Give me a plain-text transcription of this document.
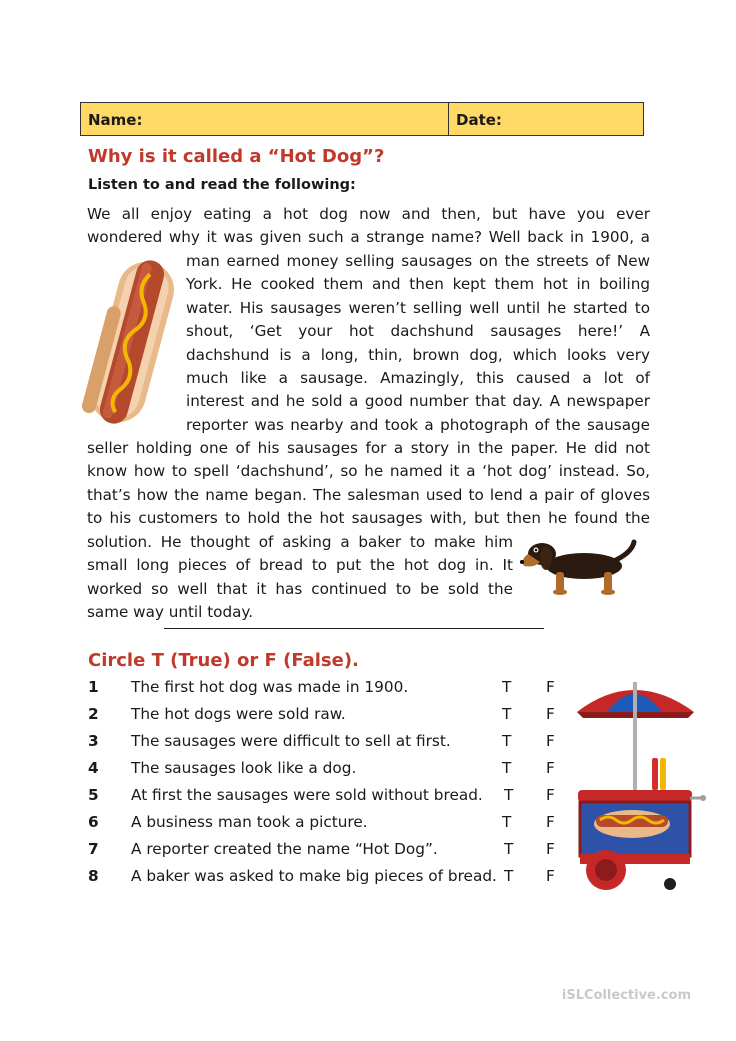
Name:	Date:
Why is it called a “Hot Dog”?
Listen to and read the following:
We all enjoy eating a hot dog now and then, but have you ever
wondered why it was given such a strange name? Well back in 1900, a
man earned money selling sausages on the streets of New
York. He cooked them and then kept them hot in boiling
water. His sausages weren’t selling well until he started to
shout, ‘Get your hot dachshund sausages here!’ A
dachshund is a long, thin, brown dog, which looks very
much like a sausage. Amazingly, this caused a lot of
interest and he sold a good number that day. A newspaper
reporter was nearby and took a photograph of the sausage
seller holding one of his sausages for a story in the paper. He did not
know how to spell ‘dachshund’, so he named it a ‘hot dog’ instead. So,
that’s how the name began. The salesman used to lend a pair of gloves
to his customers to hold the hot sausages with, but then he found the
solution. He thought of asking a baker to make him
small long pieces of bread to put the hot dog in. It
worked so well that it has continued to be sold the
same way until today.
Circle T (True) or F (False).
1 The first hot dog was made in 1900.	T F
2 The hot dogs were sold raw.	T F
3 The sausages were difficult to sell at first.	T F
4 The sausages look like a dog.	T F
5 At first the sausages were sold without bread. T F
6 A business man took a picture.	T F
7 A reporter created the name “Hot Dog”.	T F
8 A baker was asked to make big pieces of bread. T F
iSLCollective.com
